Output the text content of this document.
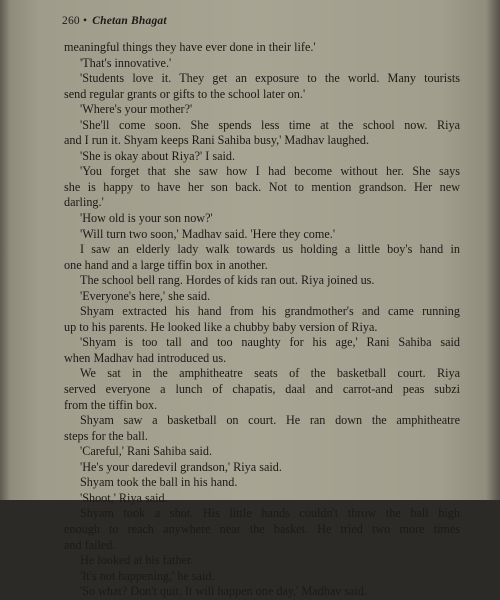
260 • Chetan Bhagat
meaningful things they have ever done in their life.'
'That's innovative.'
'Students love it. They get an exposure to the world. Many tourists
send regular grants or gifts to the school later on.'
'Where's your mother?'
'She'll come soon. She spends less time at the school now. Riya
and I run it. Shyam keeps Rani Sahiba busy,' Madhav laughed.
'She is okay about Riya?' I said.
'You forget that she saw how I had become without her. She says
she is happy to have her son back. Not to mention grandson. Her new
darling.'
'How old is your son now?'
'Will turn two soon,' Madhav said. 'Here they come.'
I saw an elderly lady walk towards us holding a little boy's hand in
one hand and a large tiffin box in another.
The school bell rang. Hordes of kids ran out. Riya joined us.
'Everyone's here,' she said.
Shyam extracted his hand from his grandmother's and came running
up to his parents. He looked like a chubby baby version of Riya.
'Shyam is too tall and too naughty for his age,' Rani Sahiba said
when Madhav had introduced us.
We sat in the amphitheatre seats of the basketball court. Riya
served everyone a lunch of chapatis, daal and carrot-and peas subzi
from the tiffin box.
Shyam saw a basketball on court. He ran down the amphitheatre
steps for the ball.
'Careful,' Rani Sahiba said.
'He's your daredevil grandson,' Riya said.
Shyam took the ball in his hand.
'Shoot,' Riya said.
Shyam took a shot. His little hands couldn't throw the ball high
enough to reach anywhere near the basket. He tried two more times
and failed.
He looked at his father.
'It's not happening,' he said.
'So what? Don't quit. It will happen one day,' Madhav said.
